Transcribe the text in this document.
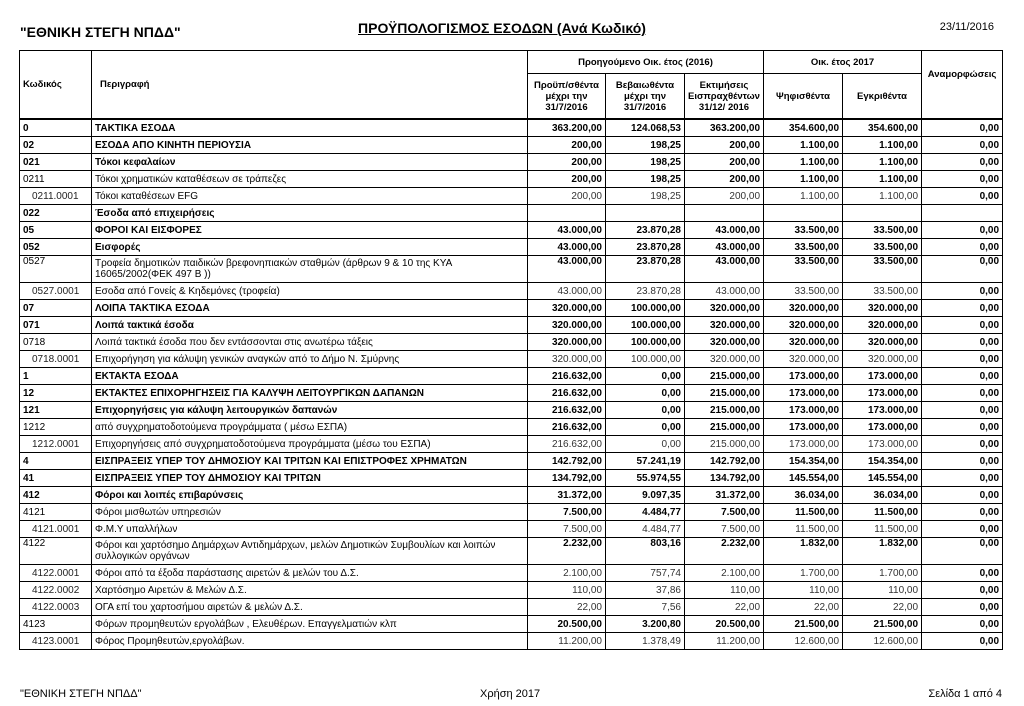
"ΕΘΝΙΚΗ ΣΤΕΓΗ ΝΠΔΔ"	ΠΡΟΫΠΟΛΟΓΙΣΜΟΣ ΕΣΟΔΩΝ (Ανά Κωδικό)	23/11/2016
Κωδικός	Περιγραφή	Προηγούμενο Οικ. έτος (2016)			Οικ. έτος 2017		Αναμορφώσεις
		Προϋπ/σθέντα μέχρι την 31/7/2016	Βεβαιωθέντα μέχρι την 31/7/2016	Εκτιμήσεις Εισπραχθέντων 31/12/ 2016	Ψηφισθέντα	Εγκριθέντα	
0	ΤΑΚΤΙΚΑ ΕΣΟΔΑ	363.200,00	124.068,53	363.200,00	354.600,00	354.600,00	0,00
02	ΕΣΟΔΑ ΑΠΟ ΚΙΝΗΤΗ ΠΕΡΙΟΥΣΙΑ	200,00	198,25	200,00	1.100,00	1.100,00	0,00
021	Τόκοι κεφαλαίων	200,00	198,25	200,00	1.100,00	1.100,00	0,00
0211	Τόκοι χρηματικών καταθέσεων σε τράπεζες	200,00	198,25	200,00	1.100,00	1.100,00	0,00
0211.0001	Τόκοι καταθέσεων EFG	200,00	198,25	200,00	1.100,00	1.100,00	0,00
022	Έσοδα από επιχειρήσεις						
05	ΦΟΡΟΙ ΚΑΙ ΕΙΣΦΟΡΕΣ	43.000,00	23.870,28	43.000,00	33.500,00	33.500,00	0,00
052	Εισφορές	43.000,00	23.870,28	43.000,00	33.500,00	33.500,00	0,00
0527	Τροφεία δημοτικών παιδικών βρεφονηπιακών σταθμών (άρθρων 9 & 10 της ΚΥΑ 16065/2002(ΦΕΚ 497 Β ))	43.000,00	23.870,28	43.000,00	33.500,00	33.500,00	0,00
0527.0001	Εσοδα από Γονείς & Κηδεμόνες (τροφεία)	43.000,00	23.870,28	43.000,00	33.500,00	33.500,00	0,00
07	ΛΟΙΠΑ ΤΑΚΤΙΚΑ ΕΣΟΔΑ	320.000,00	100.000,00	320.000,00	320.000,00	320.000,00	0,00
071	Λοιπά τακτικά έσοδα	320.000,00	100.000,00	320.000,00	320.000,00	320.000,00	0,00
0718	Λοιπά τακτικά έσοδα που δεν εντάσσονται στις ανωτέρω τάξεις	320.000,00	100.000,00	320.000,00	320.000,00	320.000,00	0,00
0718.0001	Επιχορήγηση για κάλυψη γενικών αναγκών από το Δήμο Ν. Σμύρνης	320.000,00	100.000,00	320.000,00	320.000,00	320.000,00	0,00
1	ΕΚΤΑΚΤΑ ΕΣΟΔΑ	216.632,00	0,00	215.000,00	173.000,00	173.000,00	0,00
12	ΕΚΤΑΚΤΕΣ ΕΠΙΧΟΡΗΓΗΣΕΙΣ ΓΙΑ ΚΑΛΥΨΗ ΛΕΙΤΟΥΡΓΙΚΩΝ ΔΑΠΑΝΩΝ	216.632,00	0,00	215.000,00	173.000,00	173.000,00	0,00
121	Επιχορηγήσεις για κάλυψη λειτουργικών δαπανών	216.632,00	0,00	215.000,00	173.000,00	173.000,00	0,00
1212	από συγχρηματοδοτούμενα προγράμματα ( μέσω ΕΣΠΑ)	216.632,00	0,00	215.000,00	173.000,00	173.000,00	0,00
1212.0001	Επιχορηγήσεις από συγχρηματοδοτούμενα προγράμματα (μέσω του ΕΣΠΑ)	216.632,00	0,00	215.000,00	173.000,00	173.000,00	0,00
4	ΕΙΣΠΡΑΞΕΙΣ ΥΠΕΡ ΤΟΥ ΔΗΜΟΣΙΟΥ ΚΑΙ ΤΡΙΤΩΝ ΚΑΙ ΕΠΙΣΤΡΟΦΕΣ ΧΡΗΜΑΤΩΝ	142.792,00	57.241,19	142.792,00	154.354,00	154.354,00	0,00
41	ΕΙΣΠΡΑΞΕΙΣ ΥΠΕΡ ΤΟΥ ΔΗΜΟΣΙΟΥ ΚΑΙ ΤΡΙΤΩΝ	134.792,00	55.974,55	134.792,00	145.554,00	145.554,00	0,00
412	Φόροι και λοιπές επιβαρύνσεις	31.372,00	9.097,35	31.372,00	36.034,00	36.034,00	0,00
4121	Φόροι μισθωτών υπηρεσιών	7.500,00	4.484,77	7.500,00	11.500,00	11.500,00	0,00
4121.0001	Φ.Μ.Υ υπαλλήλων	7.500,00	4.484,77	7.500,00	11.500,00	11.500,00	0,00
4122	Φόροι και χαρτόσημο Δημάρχων Αντιδημάρχων, μελών Δημοτικών Συμβουλίων και λοιπών συλλογικών οργάνων	2.232,00	803,16	2.232,00	1.832,00	1.832,00	0,00
4122.0001	Φόροι από τα έξοδα παράστασης αιρετών & μελών του Δ.Σ.	2.100,00	757,74	2.100,00	1.700,00	1.700,00	0,00
4122.0002	Χαρτόσημο Αιρετών & Μελών Δ.Σ.	110,00	37,86	110,00	110,00	110,00	0,00
4122.0003	ΟΓΑ επί του χαρτοσήμου αιρετών & μελών Δ.Σ.	22,00	7,56	22,00	22,00	22,00	0,00
4123	Φόρων προμηθευτών εργολάβων , Ελευθέρων. Επαγγελματιών κλπ	20.500,00	3.200,80	20.500,00	21.500,00	21.500,00	0,00
4123.0001	Φόρος Προμηθευτών,εργολάβων.	11.200,00	1.378,49	11.200,00	12.600,00	12.600,00	0,00
"ΕΘΝΙΚΗ ΣΤΕΓΗ ΝΠΔΔ"	Χρήση 2017	Σελίδα 1 από 4
